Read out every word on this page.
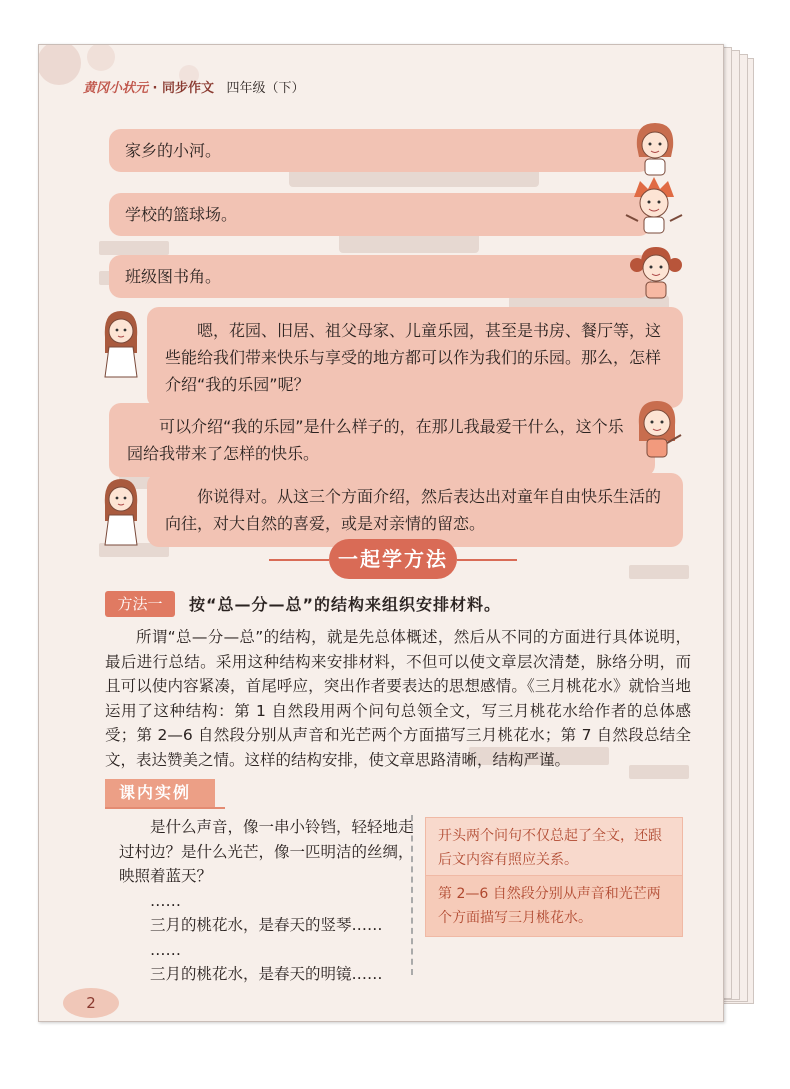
黄冈小状元 · 同步作文 四年级（下）
家乡的小河。
学校的篮球场。
班级图书角。
嗯，花园、旧居、祖父母家、儿童乐园，甚至是书房、餐厅等，这些能给我们带来快乐与享受的地方都可以作为我们的乐园。那么，怎样介绍“我的乐园”呢？
可以介绍“我的乐园”是什么样子的，在那儿我最爱干什么，这个乐园给我带来了怎样的快乐。
你说得对。从这三个方面介绍，然后表达出对童年自由快乐生活的向往，对大自然的喜爱，或是对亲情的留恋。
一起学方法
方法一	按“总—分—总”的结构来组织安排材料。
所谓“总—分—总”的结构，就是先总体概述，然后从不同的方面进行具体说明，最后进行总结。采用这种结构来安排材料，不但可以使文章层次清楚，脉络分明，而且可以使内容紧凑，首尾呼应，突出作者要表达的思想感情。《三月桃花水》就恰当地运用了这种结构：第 1 自然段用两个问句总领全文，写三月桃花水给作者的总体感受；第 2—6 自然段分别从声音和光芒两个方面描写三月桃花水；第 7 自然段总结全文，表达赞美之情。这样的结构安排，使文章思路清晰，结构严谨。
课内实例

是什么声音，像一串小铃铛，轻轻地走过村边？是什么光芒，像一匹明洁的丝绸，映照着蓝天？

……

三月的桃花水，是春天的竖琴……

……

三月的桃花水，是春天的明镜……

开头两个问句不仅总起了全文，还跟后文内容有照应关系。
第 2—6 自然段分别从声音和光芒两个方面描写三月桃花水。
2
